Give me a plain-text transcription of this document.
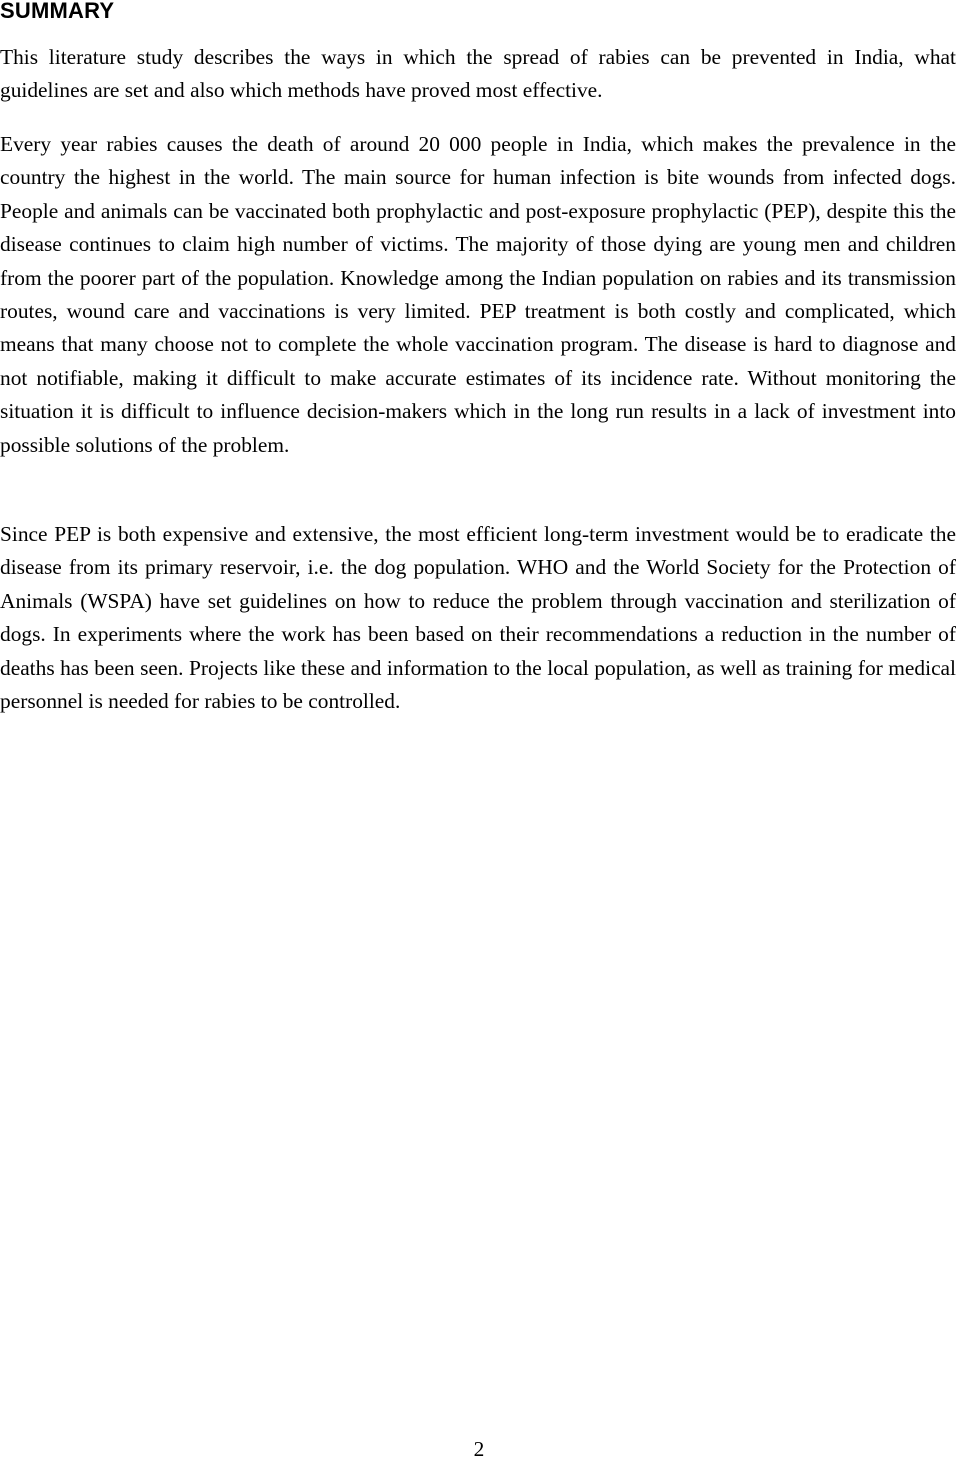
SUMMARY

This literature study describes the ways in which the spread of rabies can be prevented in India, what guidelines are set and also which methods have proved most effective.

Every year rabies causes the death of around 20 000 people in India, which makes the prevalence in the country the highest in the world. The main source for human infection is bite wounds from infected dogs. People and animals can be vaccinated both prophylactic and post-exposure prophylactic (PEP), despite this the disease continues to claim high number of victims. The majority of those dying are young men and children from the poorer part of the population. Knowledge among the Indian population on rabies and its transmission routes, wound care and vaccinations is very limited. PEP treatment is both costly and complicated, which means that many choose not to complete the whole vaccination program. The disease is hard to diagnose and not notifiable, making it difficult to make accurate estimates of its incidence rate. Without monitoring the situation it is difficult to influence decision-makers which in the long run results in a lack of investment into possible solutions of the problem.

Since PEP is both expensive and extensive, the most efficient long-term investment would be to eradicate the disease from its primary reservoir, i.e. the dog population. WHO and the World Society for the Protection of Animals (WSPA) have set guidelines on how to reduce the problem through vaccination and sterilization of dogs. In experiments where the work has been based on their recommendations a reduction in the number of deaths has been seen. Projects like these and information to the local population, as well as training for medical personnel is needed for rabies to be controlled.

2
